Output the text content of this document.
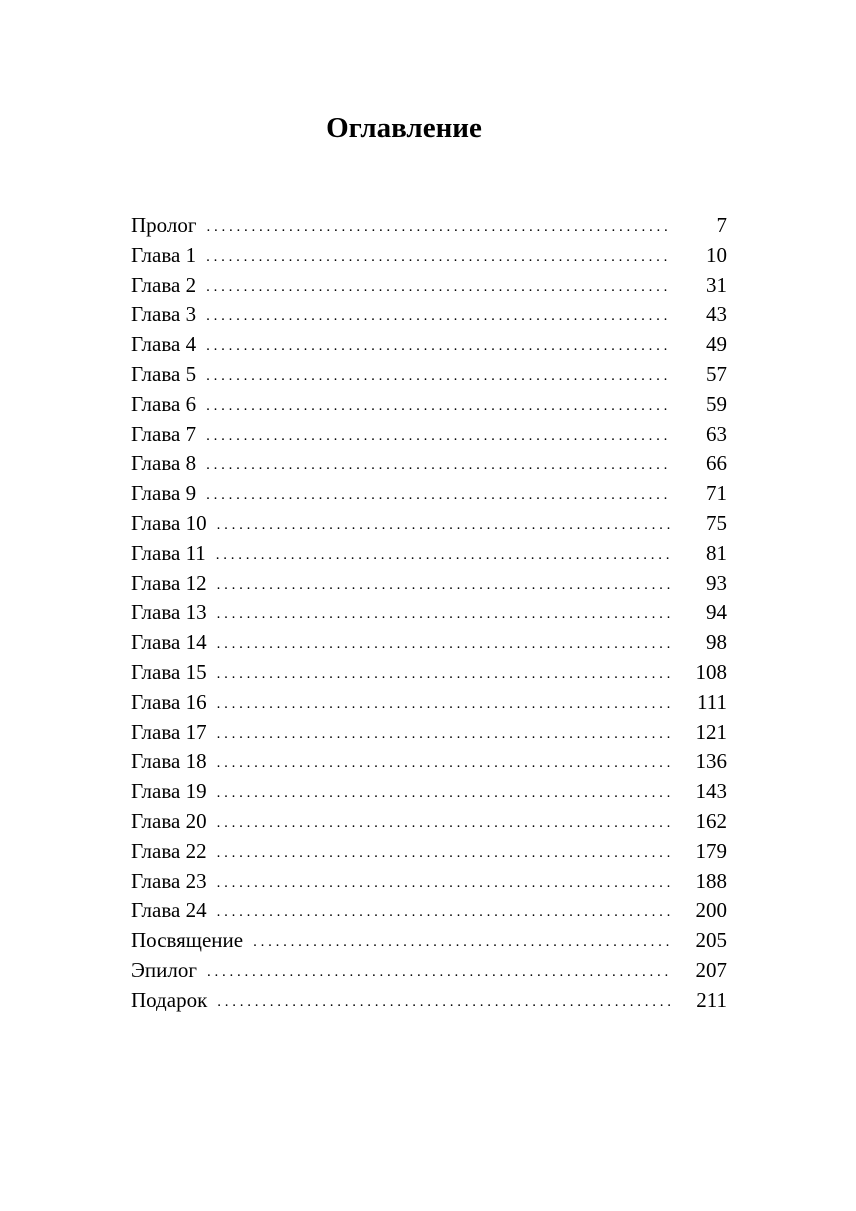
Оглавление
Пролог . . .	7
Глава 1 . . .	10
Глава 2 . . .	31
Глава 3 . . .	43
Глава 4 . . .	49
Глава 5 . . .	57
Глава 6 . . .	59
Глава 7 . . .	63
Глава 8 . . .	66
Глава 9 . . .	71
Глава 10 . . .	75
Глава 11 . . .	81
Глава 12 . . .	93
Глава 13 . . .	94
Глава 14 . . .	98
Глава 15 . . .	108
Глава 16 . . .	111
Глава 17 . . .	121
Глава 18 . . .	136
Глава 19 . . .	143
Глава 20 . . .	162
Глава 22 . . .	179
Глава 23 . . .	188
Глава 24 . . .	200
Посвящение . . .	205
Эпилог . . .	207
Подарок . . .	211
